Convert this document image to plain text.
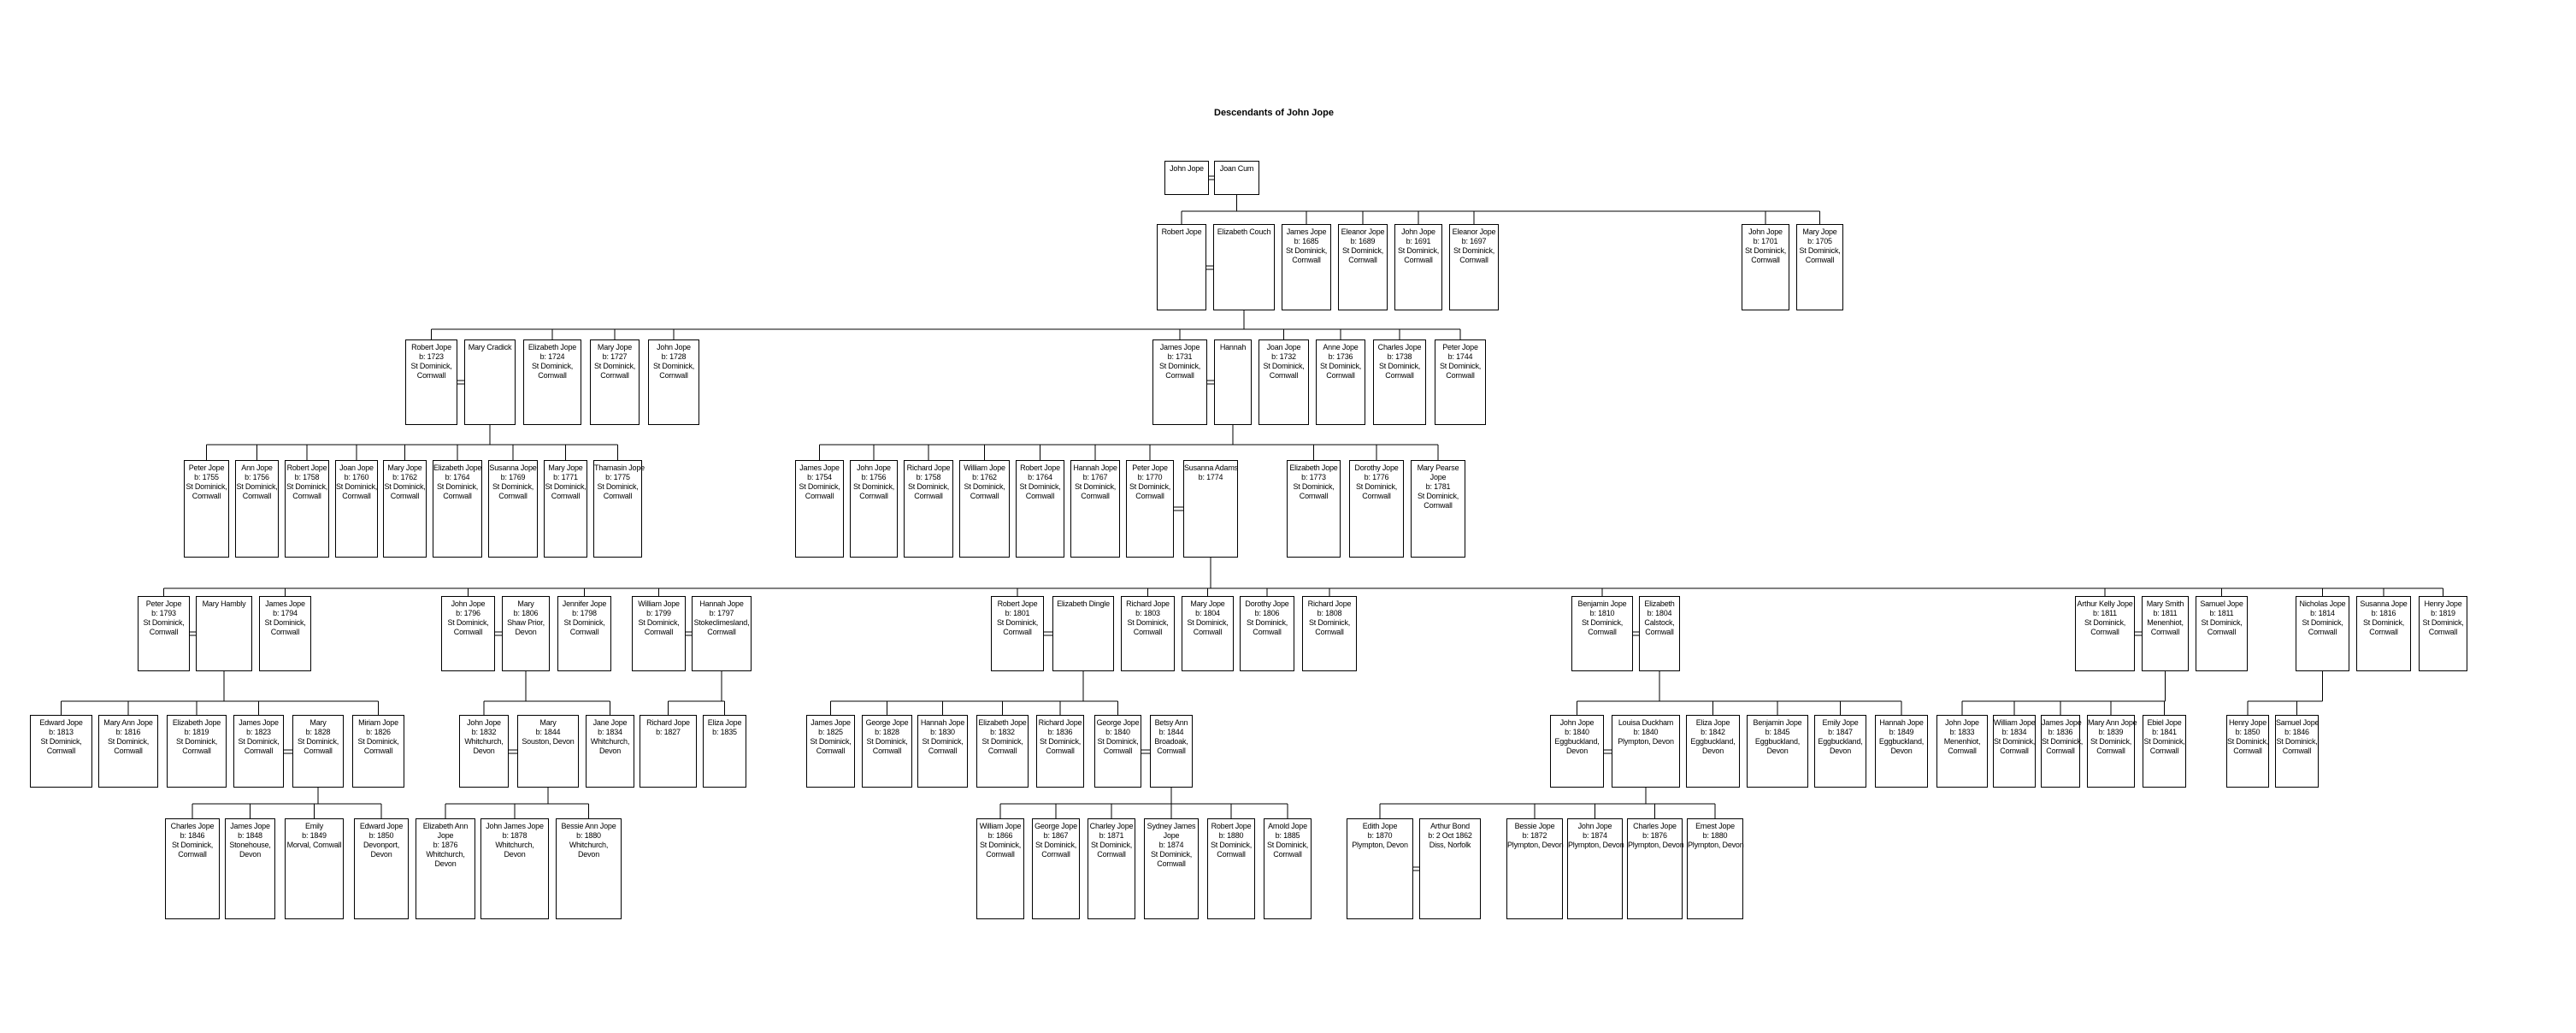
Descendants of John Jope
John Jope	Joan Cum
Robert Jope	Elizabeth Couch	James Jope
b: 1685
St Dominick,
Cornwall
Eleanor Jope
b: 1689
St Dominick,
Cornwall
John Jope
b: 1691
St Dominick,
Cornwall
Eleanor Jope
b: 1697
St Dominick,
Cornwall
John Jope
b: 1701
St Dominick,
Cornwall
Mary Jope
b: 1705
St Dominick,
Cornwall
Robert Jope
b: 1723
St Dominick,
Cornwall
Mary Cradick	Elizabeth Jope
b: 1724
St Dominick,
Cornwall
Mary Jope
b: 1727
St Dominick,
Cornwall
John Jope
b: 1728
St Dominick,
Cornwall
James Jope
b: 1731
St Dominick,
Cornwall
Hannah	Joan Jope
b: 1732
St Dominick,
Cornwall
Anne Jope
b: 1736
St Dominick,
Cornwall
Charles Jope
b: 1738
St Dominick,
Cornwall
Peter Jope
b: 1744
St Dominick,
Cornwall
Peter Jope
b: 1755
St Dominick,
Cornwall
Ann Jope
b: 1756
St Dominick,
Cornwall
Robert Jope
b: 1758
St Dominick,
Cornwall
Joan Jope
b: 1760
St Dominick,
Cornwall
Mary Jope
b: 1762
St Dominick,
Cornwall
Elizabeth Jope
b: 1764
St Dominick,
Cornwall
Susanna Jope
b: 1769
St Dominick,
Cornwall
Mary Jope
b: 1771
St Dominick,
Cornwall
Thamasin Jope
b: 1775
St Dominick,
Cornwall
James Jope
b: 1754
St Dominick,
Cornwall
John Jope
b: 1756
St Dominick,
Cornwall
Richard Jope
b: 1758
St Dominick,
Cornwall
William Jope
b: 1762
St Dominick,
Cornwall
Robert Jope
b: 1764
St Dominick,
Cornwall
Hannah Jope
b: 1767
St Dominick,
Cornwall
Peter Jope
b: 1770
St Dominick,
Cornwall
Susanna Adams
b: 1774
Elizabeth Jope
b: 1773
St Dominick,
Cornwall
Dorothy Jope
b: 1776
St Dominick,
Cornwall
Mary Pearse
Jope
b: 1781
St Dominick,
Cornwall
Peter Jope
b: 1793
St Dominick,
Cornwall
Mary Hambly	James Jope
b: 1794
St Dominick,
Cornwall
John Jope
b: 1796
St Dominick,
Cornwall
Mary
b: 1806
Shaw Prior,
Devon
Jennifer Jope
b: 1798
St Dominick,
Cornwall
William Jope
b: 1799
St Dominick,
Cornwall
Hannah Jope
b: 1797
Stokeclimesland,
Cornwall
Robert Jope
b: 1801
St Dominick,
Cornwall
Elizabeth Dingle	Richard Jope
b: 1803
St Dominick,
Cornwall
Mary Jope
b: 1804
St Dominick,
Cornwall
Dorothy Jope
b: 1806
St Dominick,
Cornwall
Richard Jope
b: 1808
St Dominick,
Cornwall
Benjamin Jope
b: 1810
St Dominick,
Cornwall
Elizabeth
b: 1804
Calstock,
Cornwall
Arthur Kelly Jope
b: 1811
St Dominick,
Cornwall
Mary Smith
b: 1811
Menenhiot,
Cornwall
Samuel Jope
b: 1811
St Dominick,
Cornwall
Nicholas Jope
b: 1814
St Dominick,
Cornwall
Susanna Jope
b: 1816
St Dominick,
Cornwall
Henry Jope
b: 1819
St Dominick,
Cornwall
Edward Jope
b: 1813
St Dominick,
Cornwall
Mary Ann Jope
b: 1816
St Dominick,
Cornwall
Elizabeth Jope
b: 1819
St Dominick,
Cornwall
James Jope
b: 1823
St Dominick,
Cornwall
Mary
b: 1828
St Dominick,
Cornwall
Miriam Jope
b: 1826
St Dominick,
Cornwall
John Jope
b: 1832
Whitchurch,
Devon
Mary
b: 1844
Souston, Devon
Jane Jope
b: 1834
Whitchurch,
Devon
Richard Jope
b: 1827
Eliza Jope
b: 1835
James Jope
b: 1825
St Dominick,
Cornwall
George Jope
b: 1828
St Dominick,
Cornwall
Hannah Jope
b: 1830
St Dominick,
Cornwall
Elizabeth Jope
b: 1832
St Dominick,
Cornwall
Richard Jope
b: 1836
St Dominick,
Cornwall
George Jope
b: 1840
St Dominick,
Cornwall
Betsy Ann
b: 1844
Broadoak,
Cornwall
John Jope
b: 1840
Eggbuckland,
Devon
Louisa Duckham
b: 1840
Plympton, Devon
Eliza Jope
b: 1842
Eggbuckland,
Devon
Benjamin Jope
b: 1845
Eggbuckland,
Devon
Emily Jope
b: 1847
Eggbuckland,
Devon
Hannah Jope
b: 1849
Eggbuckland,
Devon
John Jope
b: 1833
Menenhiot,
Cornwall
William Jope
b: 1834
St Dominick,
Cornwall
James Jope
b: 1836
St Dominick,
Cornwall
Mary Ann Jope
b: 1839
St Dominick,
Cornwall
Ebiel Jope
b: 1841
St Dominick,
Cornwall
Henry Jope
b: 1850
St Dominick,
Cornwall
Samuel Jope
b: 1846
St Dominick,
Cornwall
Charles Jope
b: 1846
St Dominick,
Cornwall
James Jope
b: 1848
Stonehouse,
Devon
Emily
b: 1849
Morval, Cornwall
Edward Jope
b: 1850
Devonport,
Devon
Elizabeth Ann
Jope
b: 1876
Whitchurch,
Devon
John James Jope
b: 1878
Whitchurch,
Devon
Bessie Ann Jope
b: 1880
Whitchurch,
Devon
William Jope
b: 1866
St Dominick,
Cornwall
George Jope
b: 1867
St Dominick,
Cornwall
Charley Jope
b: 1871
St Dominick,
Cornwall
Sydney James
Jope
b: 1874
St Dominick,
Cornwall
Robert Jope
b: 1880
St Dominick,
Cornwall
Arnold Jope
b: 1885
St Dominick,
Cornwall
Edith Jope
b: 1870
Plympton, Devon
Arthur Bond
b: 2 Oct 1862
Diss, Norfolk
Bessie Jope
b: 1872
Plympton, Devon
John Jope
b: 1874
Plympton, Devon
Charles Jope
b: 1876
Plympton, Devon
Ernest Jope
b: 1880
Plympton, Devon
